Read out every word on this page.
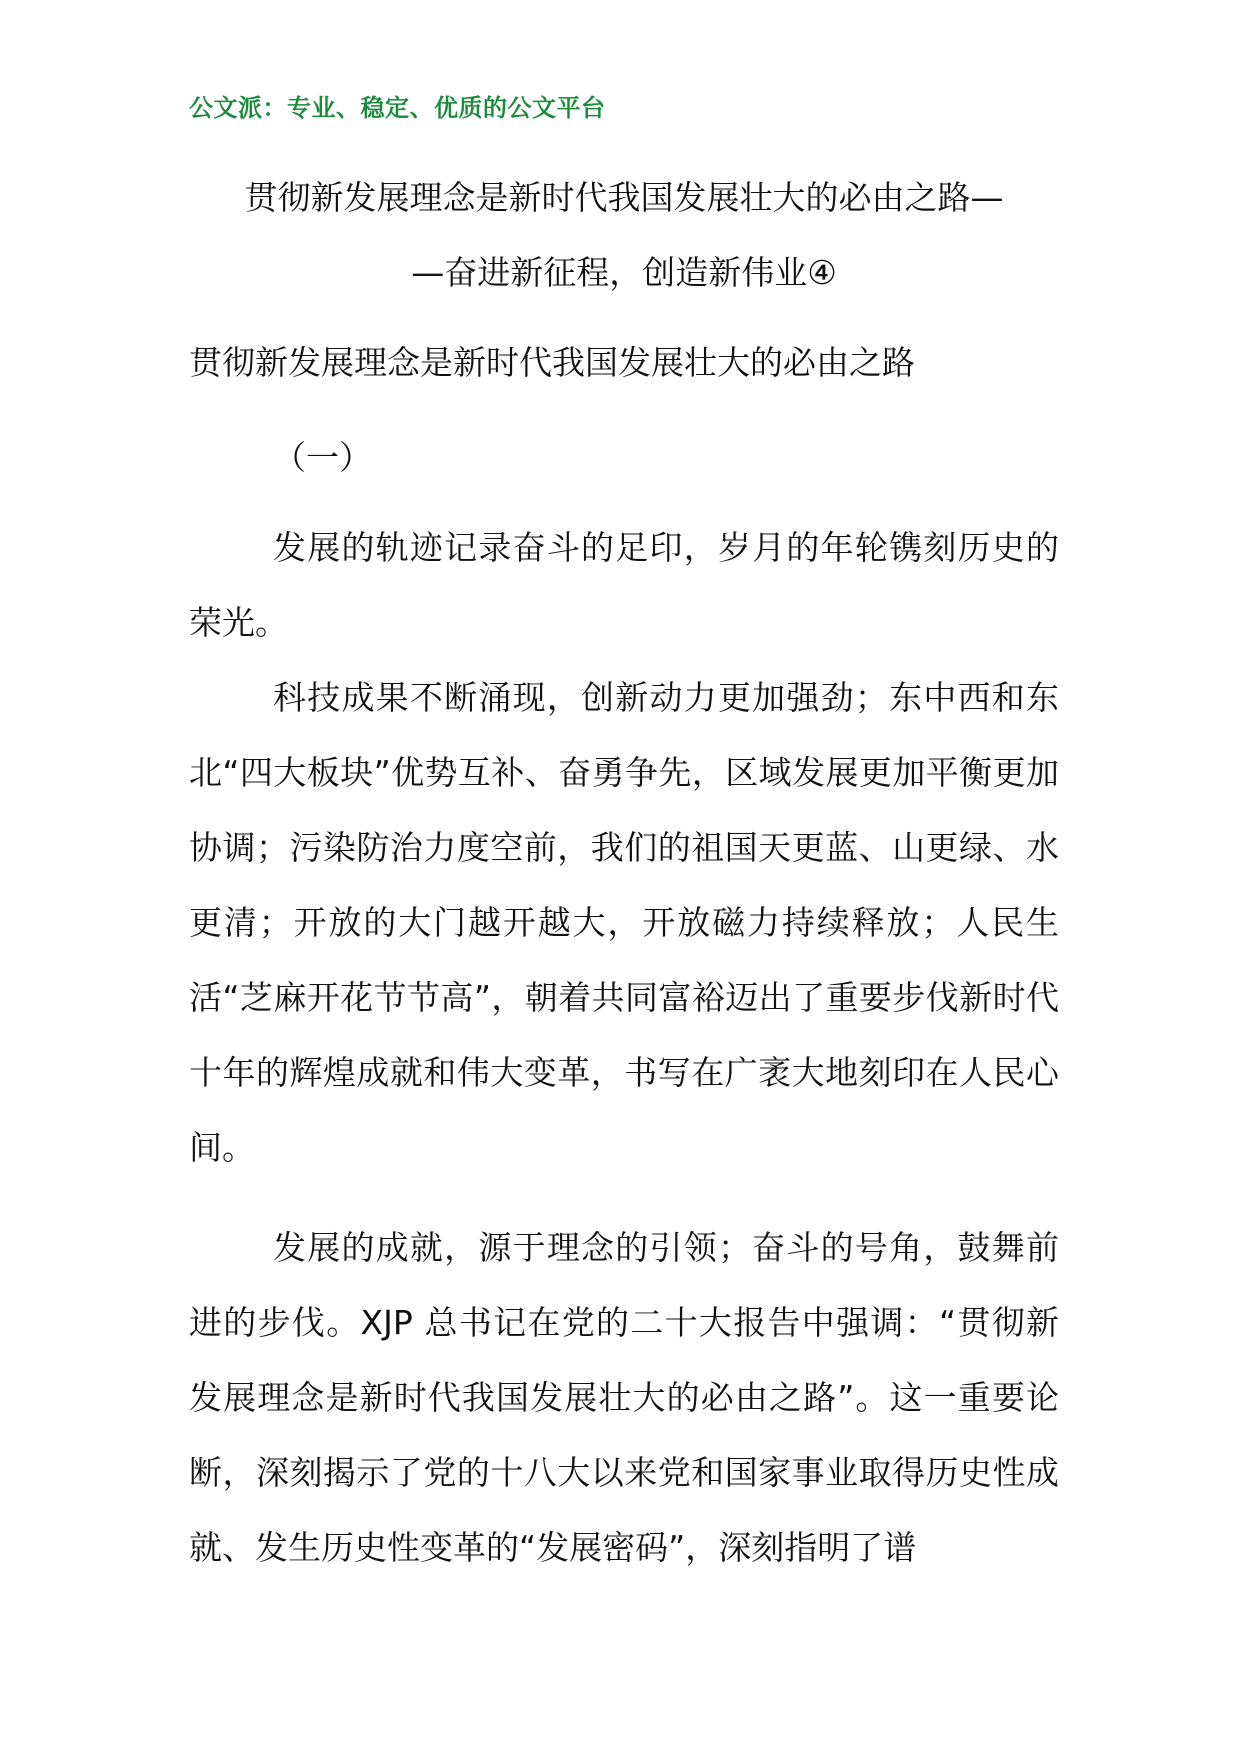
公文派：专业、稳定、优质的公文平台
贯彻新发展理念是新时代我国发展壮大的必由之路—
—奋进新征程，创造新伟业④
贯彻新发展理念是新时代我国发展壮大的必由之路
（一）
发展的轨迹记录奋斗的足印，岁月的年轮镌刻历史的荣光。
科技成果不断涌现，创新动力更加强劲；东中西和东北“四大板块”优势互补、奋勇争先，区域发展更加平衡更加协调；污染防治力度空前，我们的祖国天更蓝、山更绿、水更清；开放的大门越开越大，开放磁力持续释放；人民生活“芝麻开花节节高”，朝着共同富裕迈出了重要步伐新时代十年的辉煌成就和伟大变革，书写在广袤大地刻印在人民心间。
发展的成就，源于理念的引领；奋斗的号角，鼓舞前进的步伐。XJP 总书记在党的二十大报告中强调：“贯彻新发展理念是新时代我国发展壮大的必由之路”。这一重要论断，深刻揭示了党的十八大以来党和国家事业取得历史性成就、发生历史性变革的“发展密码”，深刻指明了谱
